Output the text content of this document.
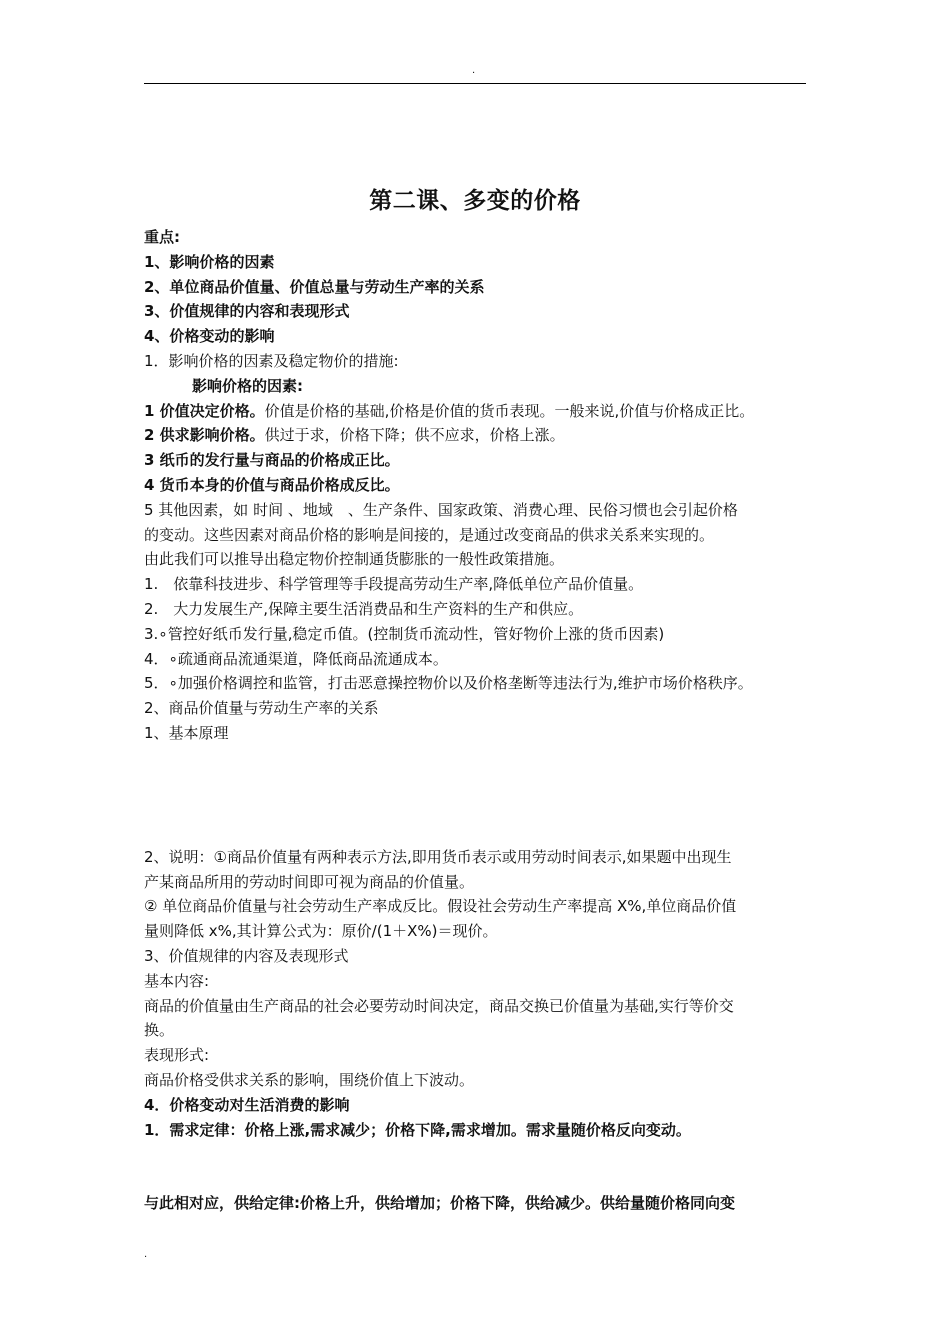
.
第二课、多变的价格
重点:
1、影响价格的因素
2、单位商品价值量、价值总量与劳动生产率的关系
3、价值规律的内容和表现形式
4、价格变动的影响
1．影响价格的因素及稳定物价的措施:
影响价格的因素:
1 价值决定价格。价值是价格的基础,价格是价值的货币表现。一般来说,价值与价格成正比。
2 供求影响价格。供过于求，价格下降；供不应求，价格上涨。
3 纸币的发行量与商品的价格成正比。
4 货币本身的价值与商品价格成反比。
5 其他因素，如 时间 、地域　、生产条件、国家政策、消费心理、民俗习惯也会引起价格
的变动。这些因素对商品价格的影响是间接的，是通过改变商品的供求关系来实现的。
由此我们可以推导出稳定物价控制通货膨胀的一般性政策措施。
1.　依靠科技进步、科学管理等手段提高劳动生产率,降低单位产品价值量。
2.　大力发展生产,保障主要生活消费品和生产资料的生产和供应。
3.∘管控好纸币发行量,稳定币值。(控制货币流动性，管好物价上涨的货币因素)
4．∘疏通商品流通渠道，降低商品流通成本。
5．∘加强价格调控和监管，打击恶意操控物价以及价格垄断等违法行为,维护市场价格秩序。
2、商品价值量与劳动生产率的关系
1、基本原理
2、说明：①商品价值量有两种表示方法,即用货币表示或用劳动时间表示,如果题中出现生
产某商品所用的劳动时间即可视为商品的价值量。
② 单位商品价值量与社会劳动生产率成反比。假设社会劳动生产率提高 X%,单位商品价值
量则降低 x%,其计算公式为：原价/(1＋X%)＝现价。
3、价值规律的内容及表现形式
基本内容:
商品的价值量由生产商品的社会必要劳动时间决定，商品交换已价值量为基础,实行等价交
换。
表现形式:
商品价格受供求关系的影响，围绕价值上下波动。
4．价格变动对生活消费的影响
1．需求定律：价格上涨,需求减少；价格下降,需求增加。需求量随价格反向变动。
与此相对应，供给定律:价格上升，供给增加；价格下降，供给减少。供给量随价格同向变
.
